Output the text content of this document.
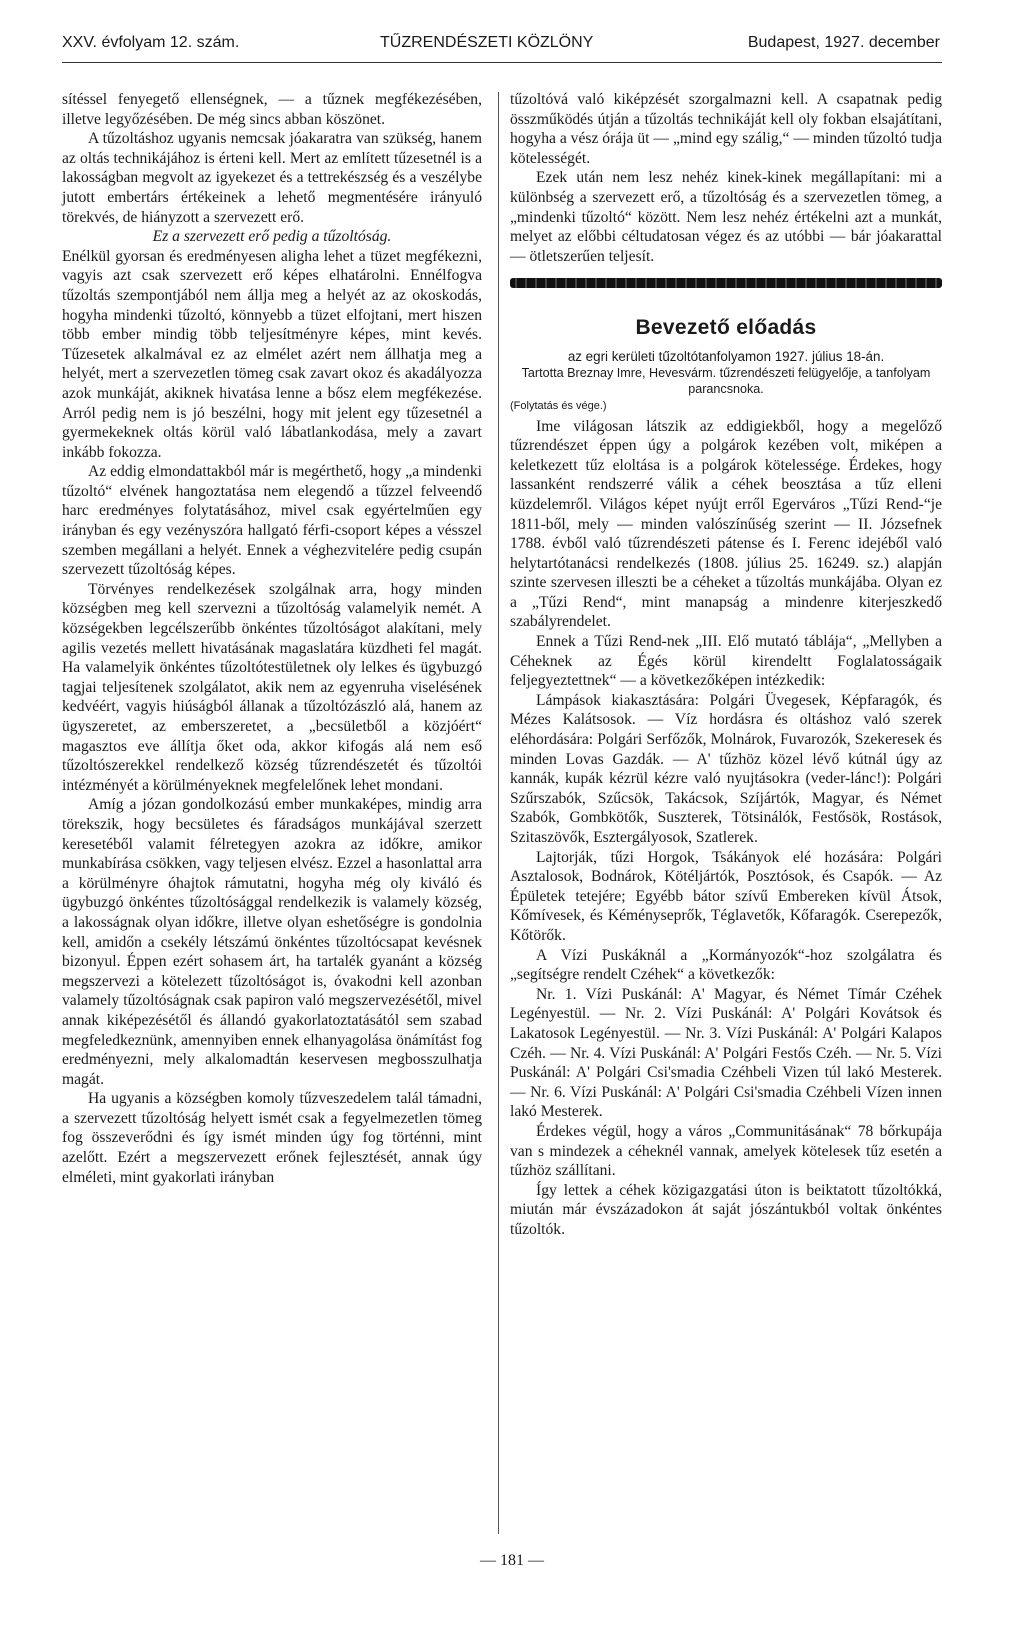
XXV. évfolyam 12. szám.	TŰZRENDÉSZETI KÖZLÖNY	Budapest, 1927. december

sítéssel fenyegető ellenségnek, — a tűznek megfékezésében, illetve legyőzésében. De még sincs abban köszönet.

A tűzoltáshoz ugyanis nemcsak jóakaratra van szükség, hanem az oltás technikájához is érteni kell. Mert az említett tűzesetnél is a lakosságban megvolt az igyekezet és a tettrekészség és a veszélybe jutott embertárs értékeinek a lehető megmentésére irányuló törekvés, de hiányzott a szervezett erő.

Ez a szervezett erő pedig a tűzoltóság.

Enélkül gyorsan és eredményesen aligha lehet a tüzet megfékezni, vagyis azt csak szervezett erő képes elhatárolni. Ennélfogva tűzoltás szempontjából nem állja meg a helyét az az okoskodás, hogyha mindenki tűzoltó, könnyebb a tüzet elfojtani, mert hiszen több ember mindig több teljesítményre képes, mint kevés. Tűzesetek alkalmával ez az elmélet azért nem állhatja meg a helyét, mert a szervezetlen tömeg csak zavart okoz és akadályozza azok munkáját, akiknek hivatása lenne a bősz elem megfékezése. Arról pedig nem is jó beszélni, hogy mit jelent egy tűzesetnél a gyermekeknek oltás körül való lábatlankodása, mely a zavart inkább fokozza.

Az eddig elmondattakból már is megérthető, hogy „a mindenki tűzoltó“ elvének hangoztatása nem elegendő a tűzzel felveendő harc eredményes folytatásához, mivel csak egyértelműen egy irányban és egy vezényszóra hallgató férfi-csoport képes a vésszel szemben megállani a helyét. Ennek a véghezvitelére pedig csupán szervezett tűzoltóság képes.

Törvényes rendelkezések szolgálnak arra, hogy minden községben meg kell szervezni a tűzoltóság valamelyik nemét. A községekben legcélszerűbb önkéntes tűzoltóságot alakítani, mely agilis vezetés mellett hivatásának magaslatára küzdheti fel magát. Ha valamelyik önkéntes tűzoltótestületnek oly lelkes és ügybuzgó tagjai teljesítenek szolgálatot, akik nem az egyenruha viselésének kedvéért, vagyis hiúságból állanak a tűzoltózászló alá, hanem az ügyszeretet, az emberszeretet, a „becsületből a közjóért“ magasztos eve állítja őket oda, akkor kifogás alá nem eső tűzoltószerekkel rendelkező község tűzrendészetét és tűzoltói intézményét a körülményeknek megfelelőnek lehet mondani.

Amíg a józan gondolkozású ember munkaképes, mindig arra törekszik, hogy becsületes és fáradságos munkájával szerzett keresetéből valamit félretegyen azokra az időkre, amikor munkabírása csökken, vagy teljesen elvész. Ezzel a hasonlattal arra a körülményre óhajtok rámutatni, hogyha még oly kiváló és ügybuzgó önkéntes tűzoltósággal rendelkezik is valamely község, a lakosságnak olyan időkre, illetve olyan eshetőségre is gondolnia kell, amidőn a csekély létszámú önkéntes tűzoltócsapat kevésnek bizonyul. Éppen ezért sohasem árt, ha tartalék gyanánt a község megszervezi a kötelezett tűzoltóságot is, óvakodni kell azonban valamely tűzoltóságnak csak papiron való megszervezésétől, mivel annak kiképezésétől és állandó gyakorlatoztatásától sem szabad megfeledkeznünk, amennyiben ennek elhanyagolása önámítást fog eredményezni, mely alkalomadtán keservesen megbosszulhatja magát.

Ha ugyanis a községben komoly tűzveszedelem talál támadni, a szervezett tűzoltóság helyett ismét csak a fegyelmezetlen tömeg fog összeverődni és így ismét minden úgy fog történni, mint azelőtt. Ezért a megszervezett erőnek fejlesztését, annak úgy elméleti, mint gyakorlati irányban

tűzoltóvá való kiképzését szorgalmazni kell. A csapatnak pedig összműködés útján a tűzoltás technikáját kell oly fokban elsajátítani, hogyha a vész órája üt — „mind egy szálig,“ — minden tűzoltó tudja kötelességét.

Ezek után nem lesz nehéz kinek-kinek megállapítani: mi a különbség a szervezett erő, a tűzoltóság és a szervezetlen tömeg, a „mindenki tűzoltó“ között. Nem lesz nehéz értékelni azt a munkát, melyet az előbbi céltudatosan végez és az utóbbi — bár jóakarattal — ötletszerűen teljesít.

Bevezető előadás

az egri kerületi tűzoltótanfolyamon 1927. július 18-án.

Tartotta Breznay Imre, Hevesvárm. tűzrendészeti felügyelője, a tanfolyam parancsnoka.

(Folytatás és vége.)

Ime világosan látszik az eddigiekből, hogy a megelőző tűzrendészet éppen úgy a polgárok kezében volt, miképen a keletkezett tűz eloltása is a polgárok kötelessége. Érdekes, hogy lassanként rendszerré válik a céhek beosztása a tűz elleni küzdelemről. Világos képet nyújt erről Egerváros „Tűzi Rend-“je 1811-ből, mely — minden valószínűség szerint — II. Józsefnek 1788. évből való tűzrendészeti pátense és I. Ferenc idejéből való helytartótanácsi rendelkezés (1808. július 25. 16249. sz.) alapján szinte szervesen illeszti be a céheket a tűzoltás munkájába. Olyan ez a „Tűzi Rend“, mint manapság a mindenre kiterjeszkedő szabályrendelet.

Ennek a Tűzi Rend-nek „III. Elő mutató táblája“, „Mellyben a Céheknek az Égés körül kirendeltt Foglalatosságaik feljegyeztettnek“ — a következőképen intézkedik:

Lámpások kiakasztására: Polgári Üvegesek, Képfaragók, és Mézes Kalátsosok. — Víz hordásra és oltáshoz való szerek eléhordására: Polgári Serfőzők, Molnárok, Fuvarozók, Szekeresek és minden Lovas Gazdák. — A' tűzhöz közel lévő kútnál úgy az kannák, kupák kézrül kézre való nyujtásokra (veder-lánc!): Polgári Szűrszabók, Szűcsök, Takácsok, Szíjártók, Magyar, és Német Szabók, Gombkötők, Suszterek, Tötsinálók, Festősök, Rostások, Szitaszövők, Esztergályosok, Szatlerek.

Lajtorják, tűzi Horgok, Tsákányok elé hozására: Polgári Asztalosok, Bodnárok, Kötéljártók, Posztósok, és Csapók. — Az Épületek tetejére; Egyébb bátor szívű Embereken kívül Átsok, Kőmívesek, és Kéményseprők, Téglavetők, Kőfaragók. Cserepezők, Kőtörők.

A Vízi Puskáknál a „Kormányozók“-hoz szolgálatra és „segítségre rendelt Czéhek“ a következők:

Nr. 1. Vízi Puskánál: A' Magyar, és Német Tímár Czéhek Legényestül. — Nr. 2. Vízi Puskánál: A' Polgári Kovátsok és Lakatosok Legényestül. — Nr. 3. Vízi Puskánál: A' Polgári Kalapos Czéh. — Nr. 4. Vízi Puskánál: A' Polgári Festős Czéh. — Nr. 5. Vízi Puskánál: A' Polgári Csi'smadia Czéhbeli Vizen túl lakó Mesterek. — Nr. 6. Vízi Puskánál: A' Polgári Csi'smadia Czéhbeli Vízen innen lakó Mesterek.

Érdekes végül, hogy a város „Communitásának“ 78 bőrkupája van s mindezek a céheknél vannak, amelyek kötelesek tűz esetén a tűzhöz szállítani.

Így lettek a céhek közigazgatási úton is beiktatott tűzoltókká, miután már évszázadokon át saját jószántukból voltak önkéntes tűzoltók.

— 181 —
